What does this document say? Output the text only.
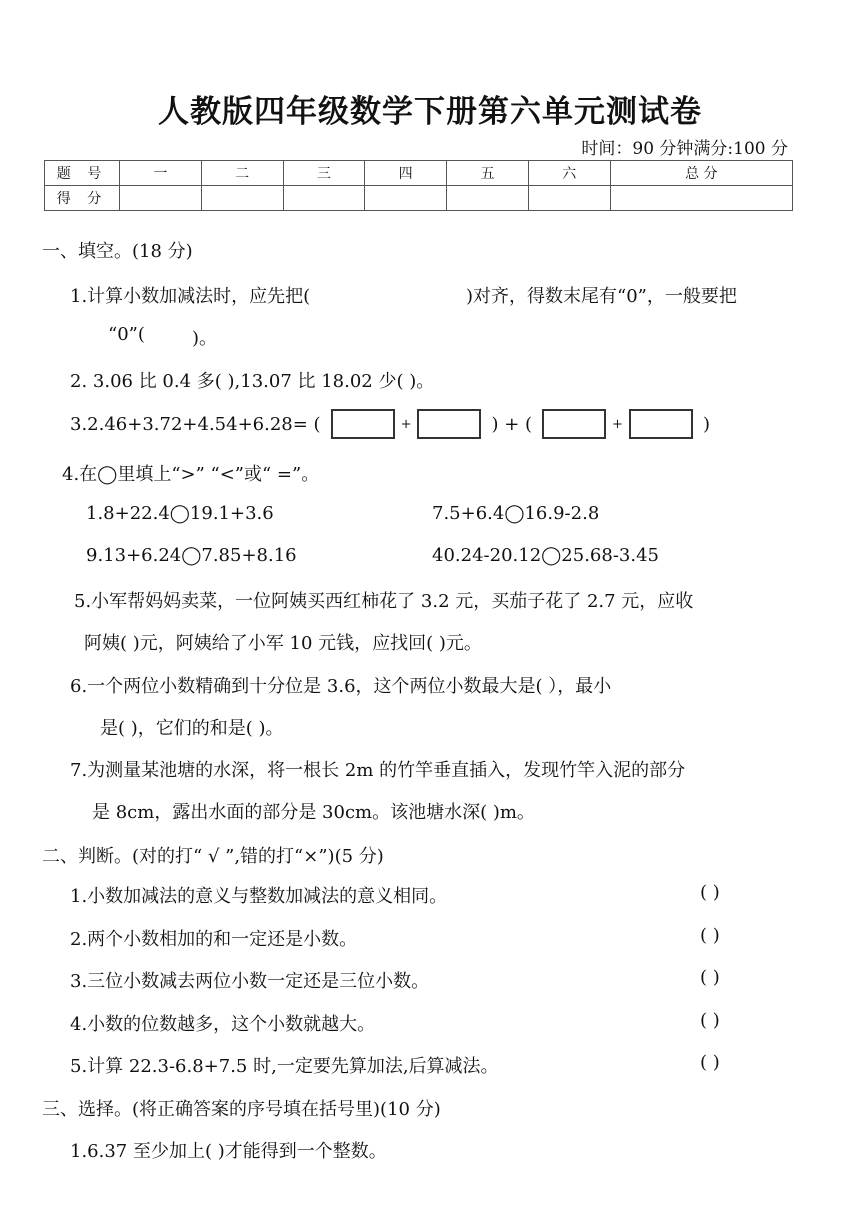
人教版四年级数学下册第六单元测试卷
时间：90 分钟满分:100 分
题 号	一	二	三	四	五	六	总 分
得 分							
一、填空。(18 分)
1.计算小数加减法时，应先把(	)对齐，得数末尾有“0”，一般要把
“0”(	)。
2. 3.06 比 0.4 多( ),13.07 比 18.02 少( )。
3.2.46+3.72+4.54+6.28= (	+	) + (	+	)
4.在◯里填上“>” “<”或“ =”。
1.8+22.4◯19.1+3.6	7.5+6.4◯16.9-2.8
9.13+6.24◯7.85+8.16	40.24-20.12◯25.68-3.45
5.小军帮妈妈卖菜，一位阿姨买西红柿花了 3.2 元，买茄子花了 2.7 元，应收
阿姨( )元，阿姨给了小军 10 元钱，应找回( )元。
6.一个两位小数精确到十分位是 3.6，这个两位小数最大是( ），最小
是( )，它们的和是( )。
7.为测量某池塘的水深，将一根长 2m 的竹竿垂直插入，发现竹竿入泥的部分
是 8cm，露出水面的部分是 30cm。该池塘水深( )m。
二、判断。(对的打“ √ ”,错的打“×”)(5 分)
1.小数加减法的意义与整数加减法的意义相同。	( )
2.两个小数相加的和一定还是小数。	( )
3.三位小数减去两位小数一定还是三位小数。	( )
4.小数的位数越多，这个小数就越大。	( )
5.计算 22.3-6.8+7.5 时,一定要先算加法,后算减法。	( )
三、选择。(将正确答案的序号填在括号里)(10 分)
1.6.37 至少加上( )才能得到一个整数。
